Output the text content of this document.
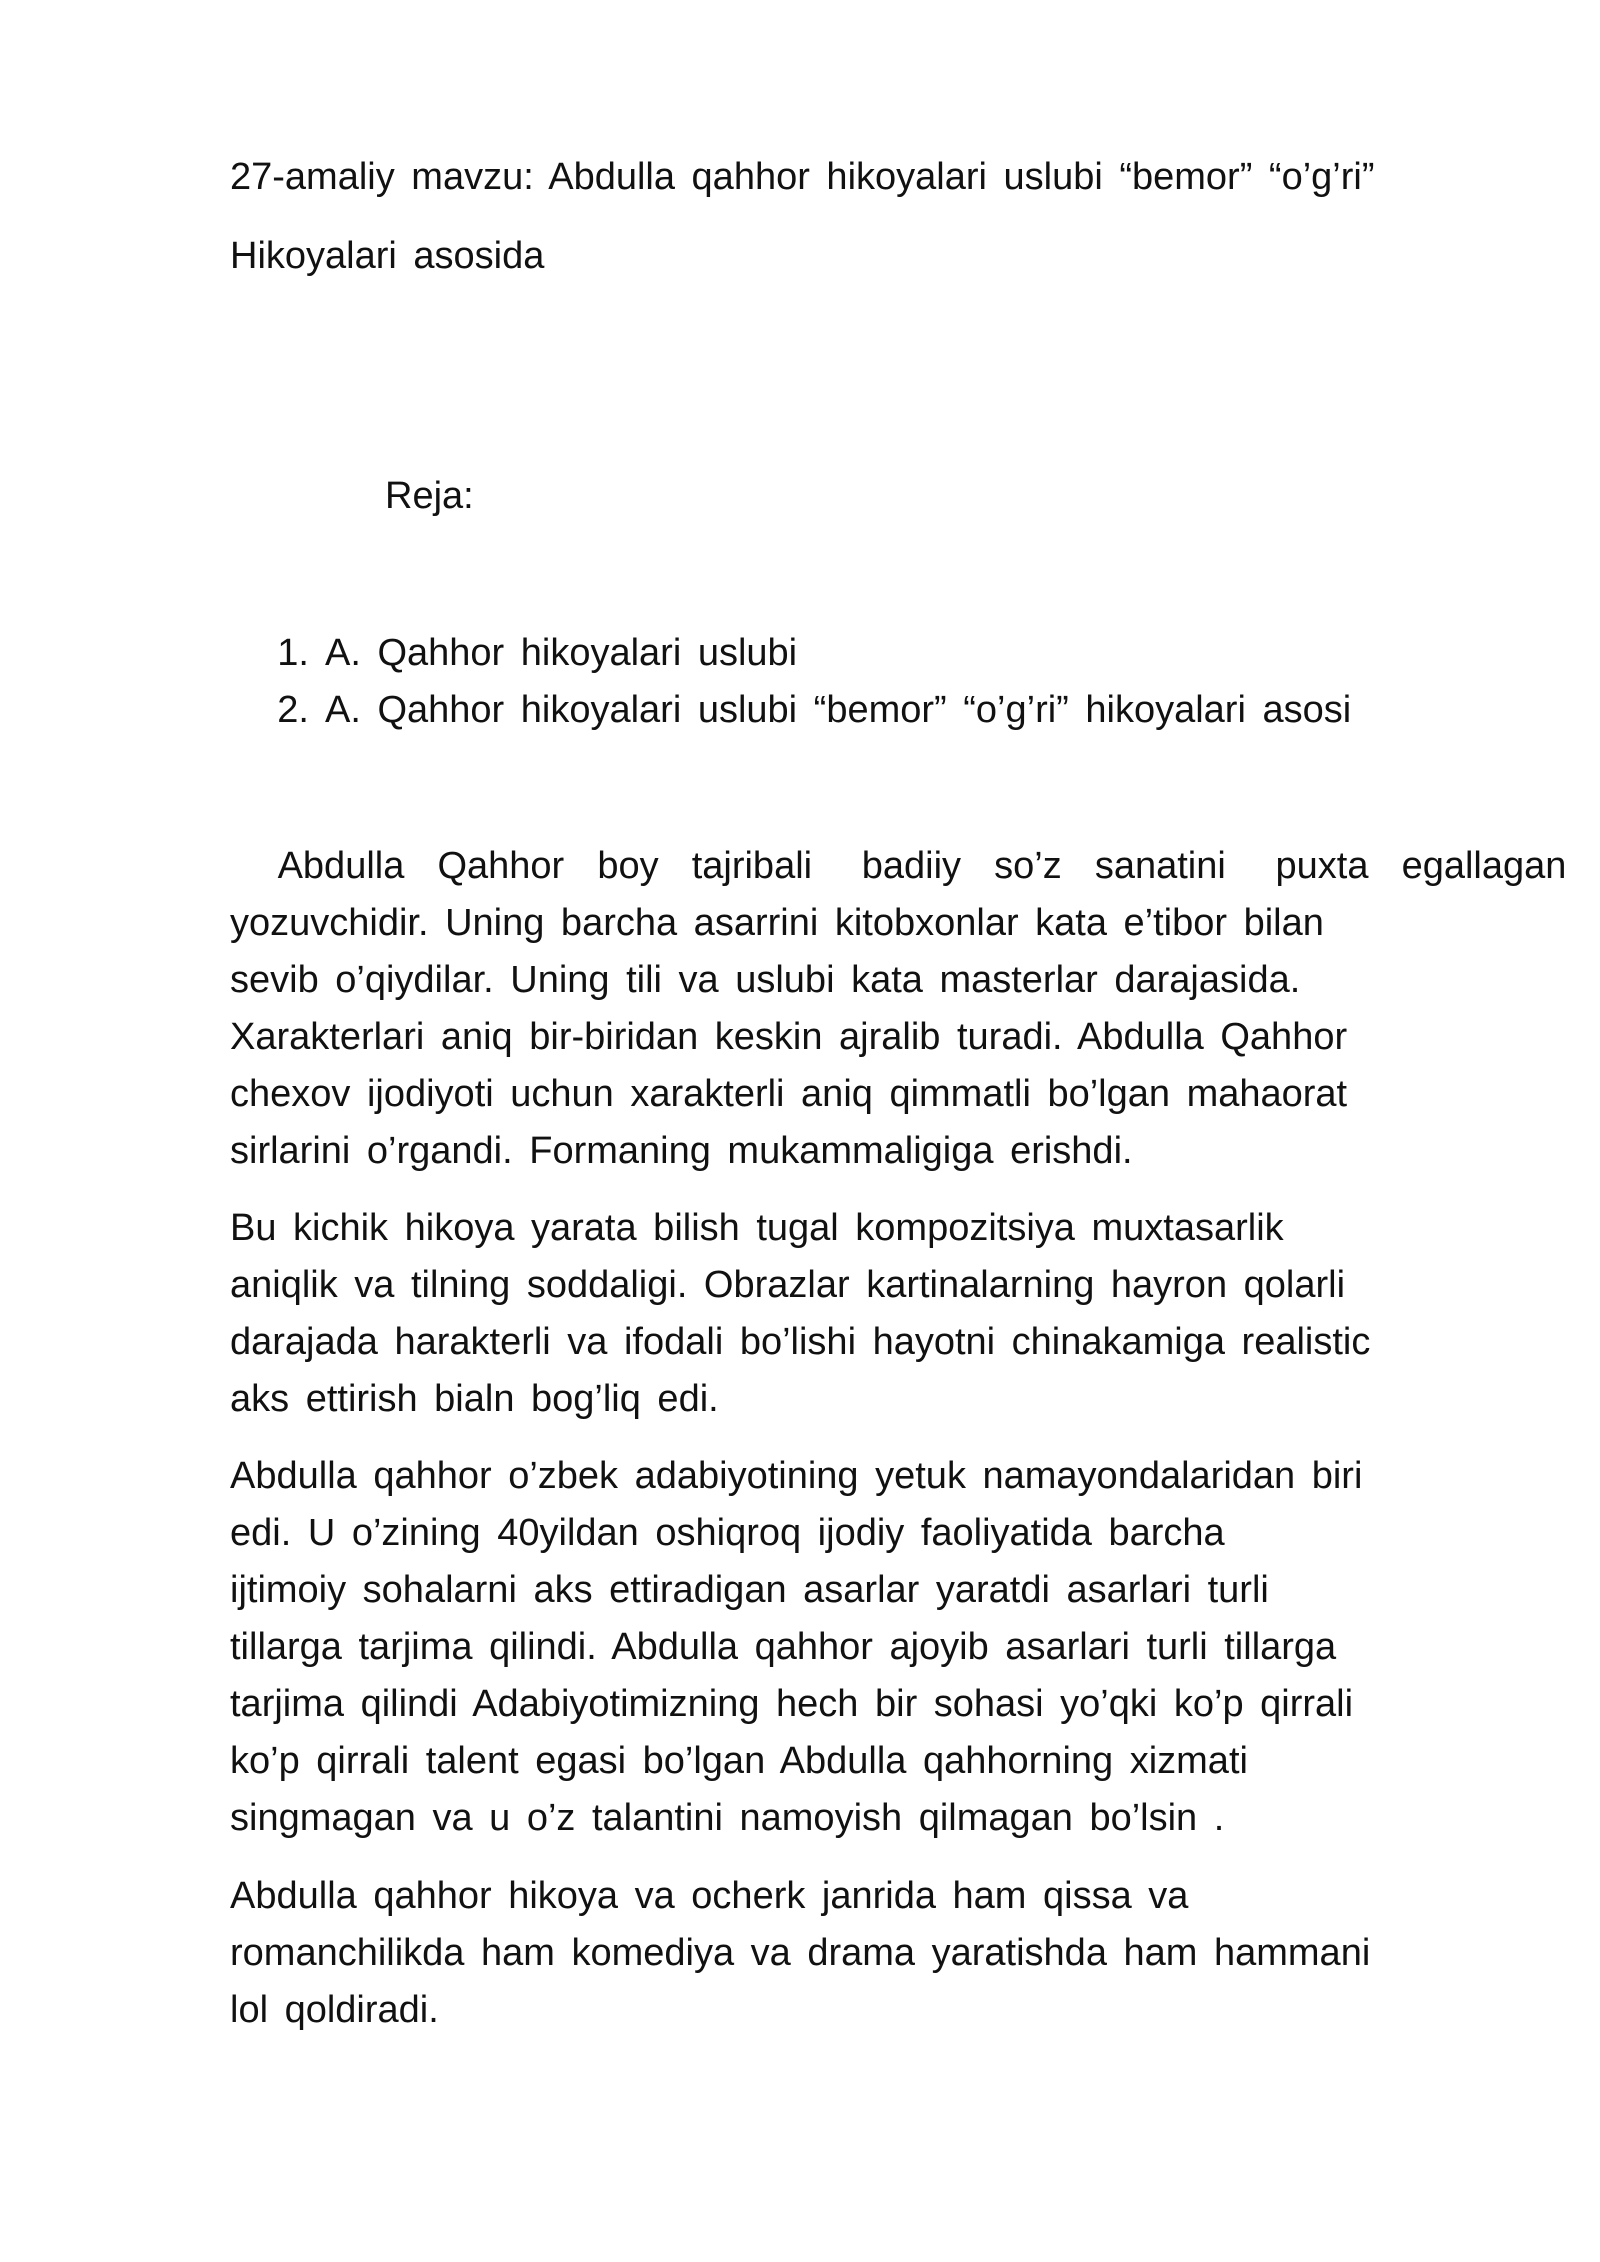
27-amaliy mavzu: Abdulla qahhor hikoyalari uslubi “bemor” “o’g’ri”
Hikoyalari asosida
Reja:
1. A. Qahhor hikoyalari uslubi
2. A. Qahhor hikoyalari uslubi “bemor” “o’g’ri” hikoyalari asosi
Abdulla  Qahhor  boy  tajribali   badiiy  so’z  sanatini   puxta  egallagan
yozuvchidir. Uning barcha asarrini kitobxonlar kata e’tibor bilan
sevib o’qiydilar. Uning tili va uslubi kata masterlar darajasida.
Xarakterlari aniq bir-biridan keskin ajralib turadi. Abdulla Qahhor
chexov ijodiyoti uchun xarakterli aniq qimmatli bo’lgan mahaorat
sirlarini o’rgandi. Formaning mukammaligiga erishdi.
Bu kichik hikoya yarata bilish tugal kompozitsiya muxtasarlik
aniqlik va tilning soddaligi. Obrazlar kartinalarning hayron qolarli
darajada harakterli va ifodali bo’lishi hayotni chinakamiga realistic
aks ettirish bialn bog’liq edi.
Abdulla qahhor o’zbek adabiyotining yetuk namayondalaridan biri
edi. U o’zining 40yildan oshiqroq ijodiy faoliyatida barcha
ijtimoiy sohalarni aks ettiradigan asarlar yaratdi asarlari turli
tillarga tarjima qilindi. Abdulla qahhor ajoyib asarlari turli tillarga
tarjima qilindi Adabiyotimizning hech bir sohasi yo’qki ko’p qirrali
ko’p qirrali talent egasi bo’lgan Abdulla qahhorning xizmati
singmagan va u o’z talantini namoyish qilmagan bo’lsin .
Abdulla qahhor hikoya va ocherk janrida ham qissa va
romanchilikda ham komediya va drama yaratishda ham hammani
lol qoldiradi.
